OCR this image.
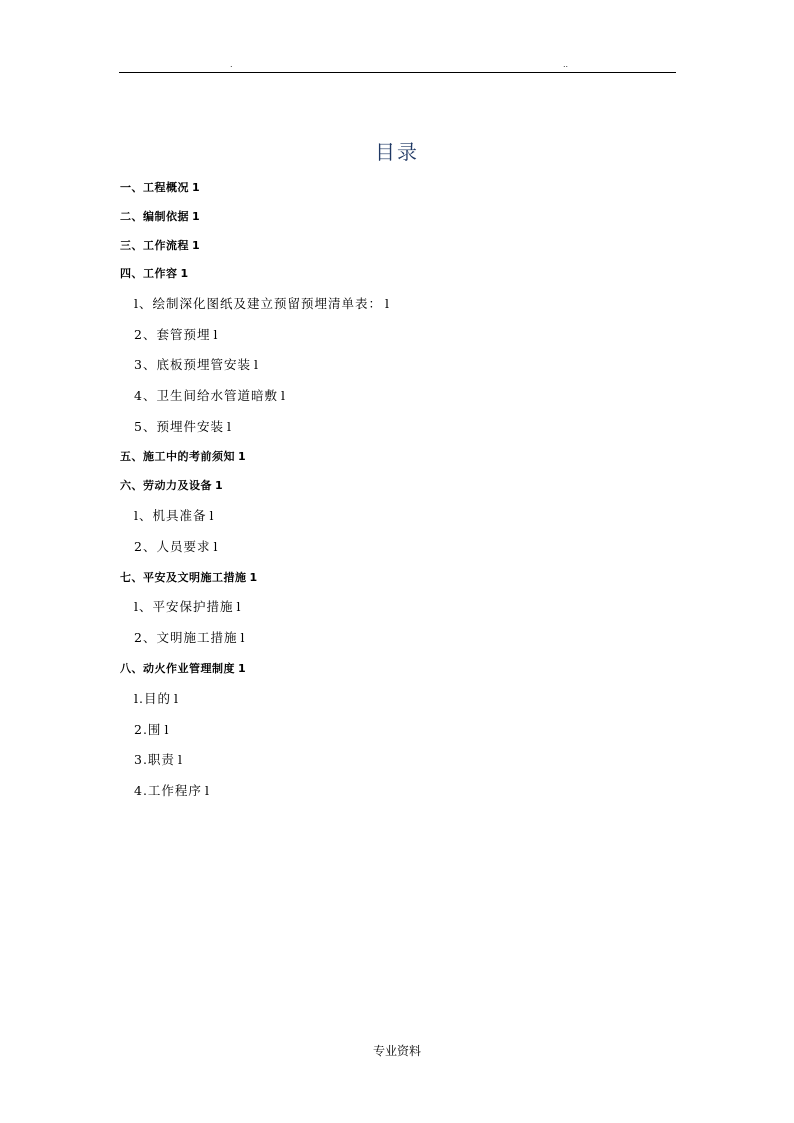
.	..
目录
一、工程概况 1
二、编制依据 1
三、工作流程 1
四、工作容 1
l、绘制深化图纸及建立预留预埋清单表： l
2、套管预埋 l
3、底板预埋管安装 l
4、卫生间给水管道暗敷 l
5、预埋件安装 l
五、施工中的考前须知 1
六、劳动力及设备 1
l、机具准备 l
2、人员要求 l
七、平安及文明施工措施 1
l、平安保护措施 l
2、文明施工措施 l
八、动火作业管理制度 1
l.目的 l
2.围 l
3.职责 l
4.工作程序 l
专业资料
